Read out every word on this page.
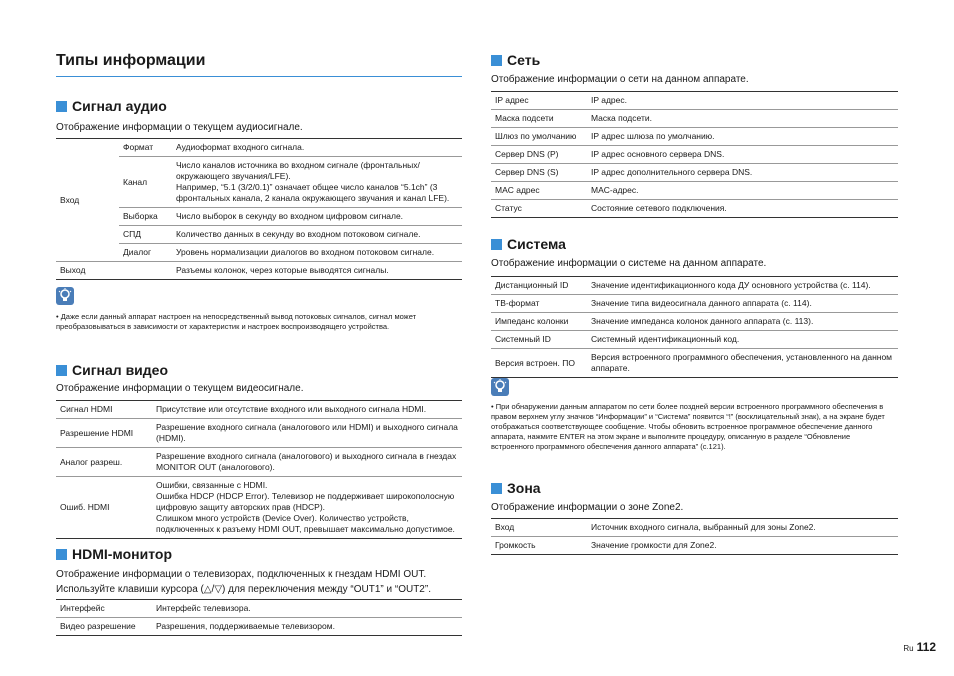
Типы информации
Сигнал аудио
Отображение информации о текущем аудиосигнале.
Вход	Формат	Аудиоформат входного сигнала.
	Канал	Число каналов источника во входном сигнале (фронтальных/окружающего звучания/LFE).
Например, “5.1 (3/2/0.1)” означает общее число каналов “5.1ch” (3 фронтальных канала, 2 канала окружающего звучания и канал LFE).
	Выборка	Число выборок в секунду во входном цифровом сигнале.
	СПД	Количество данных в секунду во входном потоковом сигнале.
	Диалог	Уровень нормализации диалогов во входном потоковом сигнале.
Выход		Разъемы колонок, через которые выводятся сигналы.
• Даже если данный аппарат настроен на непосредственный вывод потоковых сигналов, сигнал может преобразовываться в зависимости от характеристик и настроек воспроизводящего устройства.
Сигнал видео
Отображение информации о текущем видеосигнале.
Сигнал HDMI	Присутствие или отсутствие входного или выходного сигнала HDMI.
Разрешение HDMI	Разрешение входного сигнала (аналогового или HDMI) и выходного сигнала (HDMI).
Аналог разреш.	Разрешение входного сигнала (аналогового) и выходного сигнала в гнездах MONITOR OUT (аналогового).
Ошиб. HDMI	Ошибки, связанные с HDMI.
Ошибка HDCP (HDCP Error). Телевизор не поддерживает широкополосную цифровую защиту авторских прав (HDCP).
Слишком много устройств (Device Over). Количество устройств, подключенных к разъему HDMI OUT, превышает максимально допустимое.
HDMI-монитор
Отображение информации о телевизорах, подключенных к гнездам HDMI OUT. Используйте клавиши курсора (△/▽) для переключения между “OUT1” и “OUT2”.
Интерфейс	Интерфейс телевизора.
Видео разрешение	Разрешения, поддерживаемые телевизором.
Сеть
Отображение информации о сети на данном аппарате.
IP адрес	IP адрес.
Маска подсети	Маска подсети.
Шлюз по умолчанию	IP адрес шлюза по умолчанию.
Сервер DNS (P)	IP адрес основного сервера DNS.
Сервер DNS (S)	IP адрес дополнительного сервера DNS.
MAC адрес	MAC-адрес.
Статус	Состояние сетевого подключения.
Система
Отображение информации о системе на данном аппарате.
Дистанционный ID	Значение идентификационного кода ДУ основного устройства (с. 114).
ТВ-формат	Значение типа видеосигнала данного аппарата (с. 114).
Импеданс колонки	Значение импеданса колонок данного аппарата (с. 113).
Системный ID	Системный идентификационный код.
Версия встроен. ПО	Версия встроенного программного обеспечения, установленного на данном аппарате.
• При обнаружении данным аппаратом по сети более поздней версии встроенного программного обеспечения в правом верхнем углу значков “Информации” и “Система” появится “!” (восклицательный знак), а на экране будет отображаться соответствующее сообщение. Чтобы обновить встроенное программное обеспечение данного аппарата, нажмите ENTER на этом экране и выполните процедуру, описанную в разделе “Обновление встроенного программного обеспечения данного аппарата” (с.121).
Зона
Отображение информации о зоне Zone2.
Вход	Источник входного сигнала, выбранный для зоны Zone2.
Громкость	Значение громкости для Zone2.
Ru 112
